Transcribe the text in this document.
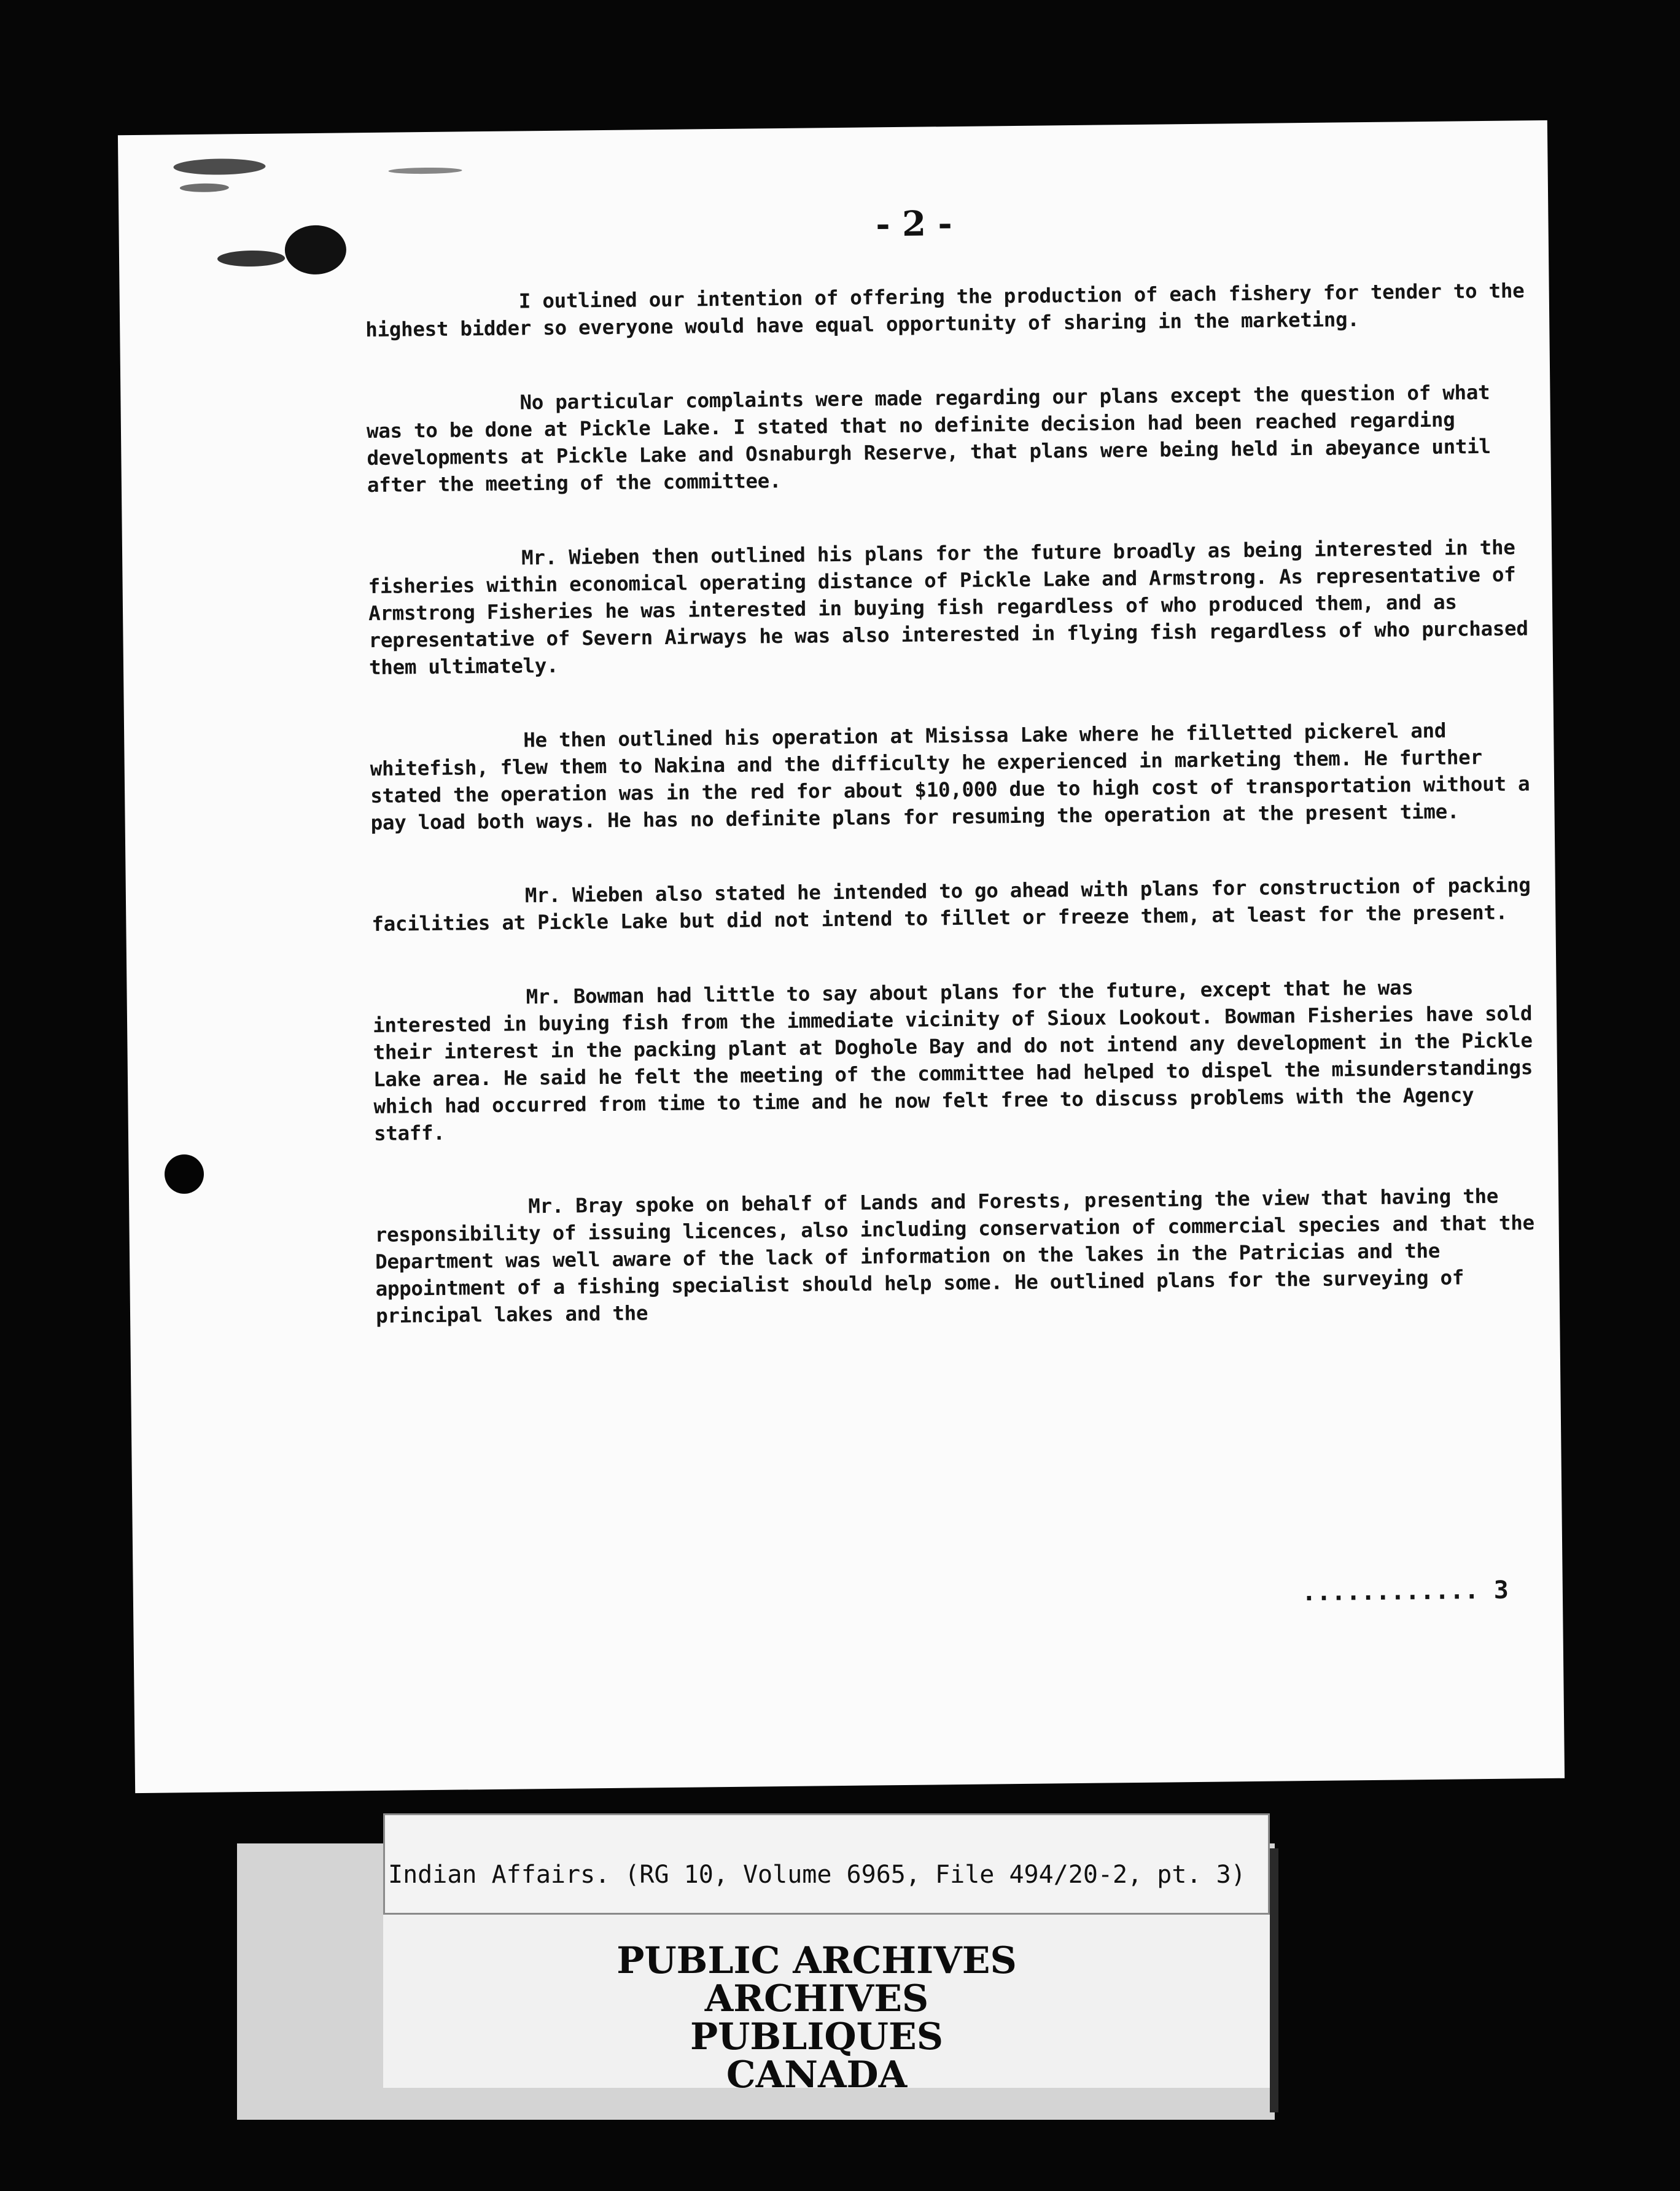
- 2 -

I outlined our intention of offering the production of each fishery for tender to the highest bidder so everyone would have equal opportunity of sharing in the marketing.

No particular complaints were made regarding our plans except the question of what was to be done at Pickle Lake. I stated that no definite decision had been reached regarding developments at Pickle Lake and Osnaburgh Reserve, that plans were being held in abeyance until after the meeting of the committee.

Mr. Wieben then outlined his plans for the future broadly as being interested in the fisheries within economical operating distance of Pickle Lake and Armstrong. As representative of Armstrong Fisheries he was interested in buying fish regardless of who produced them, and as representative of Severn Airways he was also interested in flying fish regardless of who purchased them ultimately.

He then outlined his operation at Misissa Lake where he filletted pickerel and whitefish, flew them to Nakina and the difficulty he experienced in marketing them. He further stated the operation was in the red for about $10,000 due to high cost of transportation without a pay load both ways. He has no definite plans for resuming the operation at the present time.

Mr. Wieben also stated he intended to go ahead with plans for construction of packing facilities at Pickle Lake but did not intend to fillet or freeze them, at least for the present.

Mr. Bowman had little to say about plans for the future, except that he was interested in buying fish from the immediate vicinity of Sioux Lookout. Bowman Fisheries have sold their interest in the packing plant at Doghole Bay and do not intend any development in the Pickle Lake area. He said he felt the meeting of the committee had helped to dispel the misunderstandings which had occurred from time to time and he now felt free to discuss problems with the Agency staff.

Mr. Bray spoke on behalf of Lands and Forests, presenting the view that having the responsibility of issuing licences, also including conservation of commercial species and that the Department was well aware of the lack of information on the lakes in the Patricias and the appointment of a fishing specialist should help some. He outlined plans for the surveying of principal lakes and the

............ 3
Indian Affairs. (RG 10, Volume 6965, File 494/20-2, pt. 3)
PUBLIC ARCHIVES
ARCHIVES PUBLIQUES
CANADA
